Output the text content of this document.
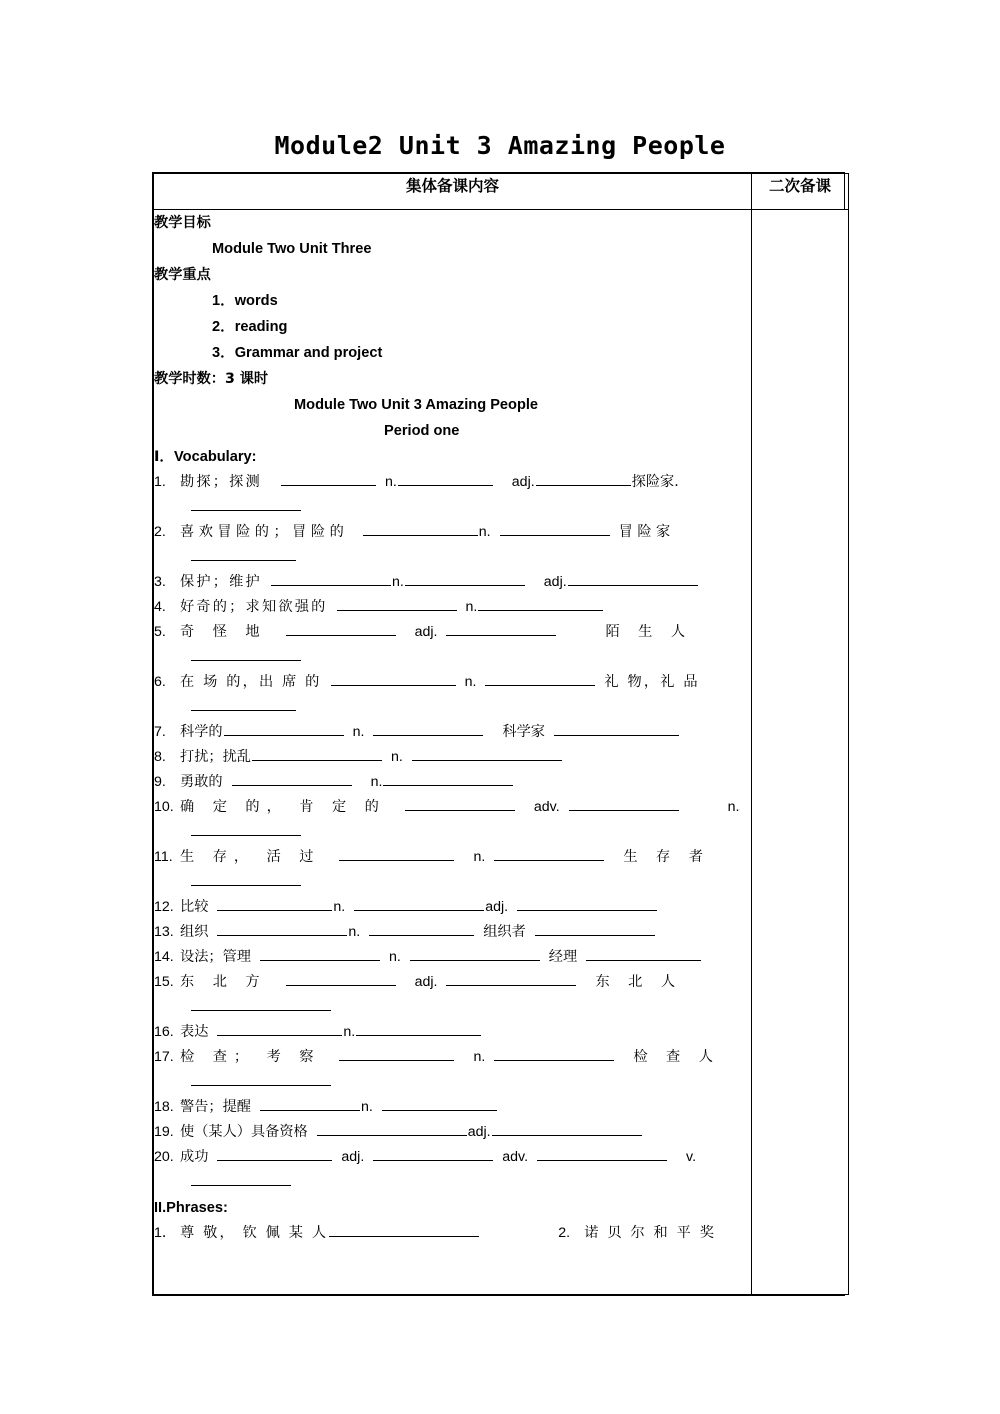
Module2 Unit 3 Amazing People
集体备课内容	二次备课

教学目标
Module Two Unit Three
教学重点
1．words
2．reading
3．Grammar and project
教学时数：3 课时
Module Two Unit 3 Amazing People
Period one
Ⅰ．Vocabulary:
1. 勘探；探测	n.	adj.	探险家.
2. 喜 欢 冒 险 的 ； 冒 险 的	n.	冒 险 家
3. 保护；维护	n.	adj.
4. 好奇的；求知欲强的	n.
5. 奇 怪 地	adj.	陌 生 人
6. 在 场 的，出 席 的	n.	礼 物，礼 品
7. 科学的	n.	科学家
8. 打扰；扰乱	n.
9. 勇敢的	n.
10. 确 定 的， 肯 定 的	adv.	n.
11. 生 存， 活 过	n.	生 存 者
12. 比较	n.	adj.
13. 组织	n.	组织者
14. 设法；管理	n.	经理
15. 东 北 方	adj.	东 北 人
16. 表达	n.
17. 检 查； 考 察	n.	检 查 人
18. 警告；提醒	n.
19. 使（某人）具备资格	adj.
20. 成功	adj.	adv.	v.
II.Phrases:
1． 尊 敬， 钦 佩 某 人	2. 诺 贝 尔 和 平 奖
